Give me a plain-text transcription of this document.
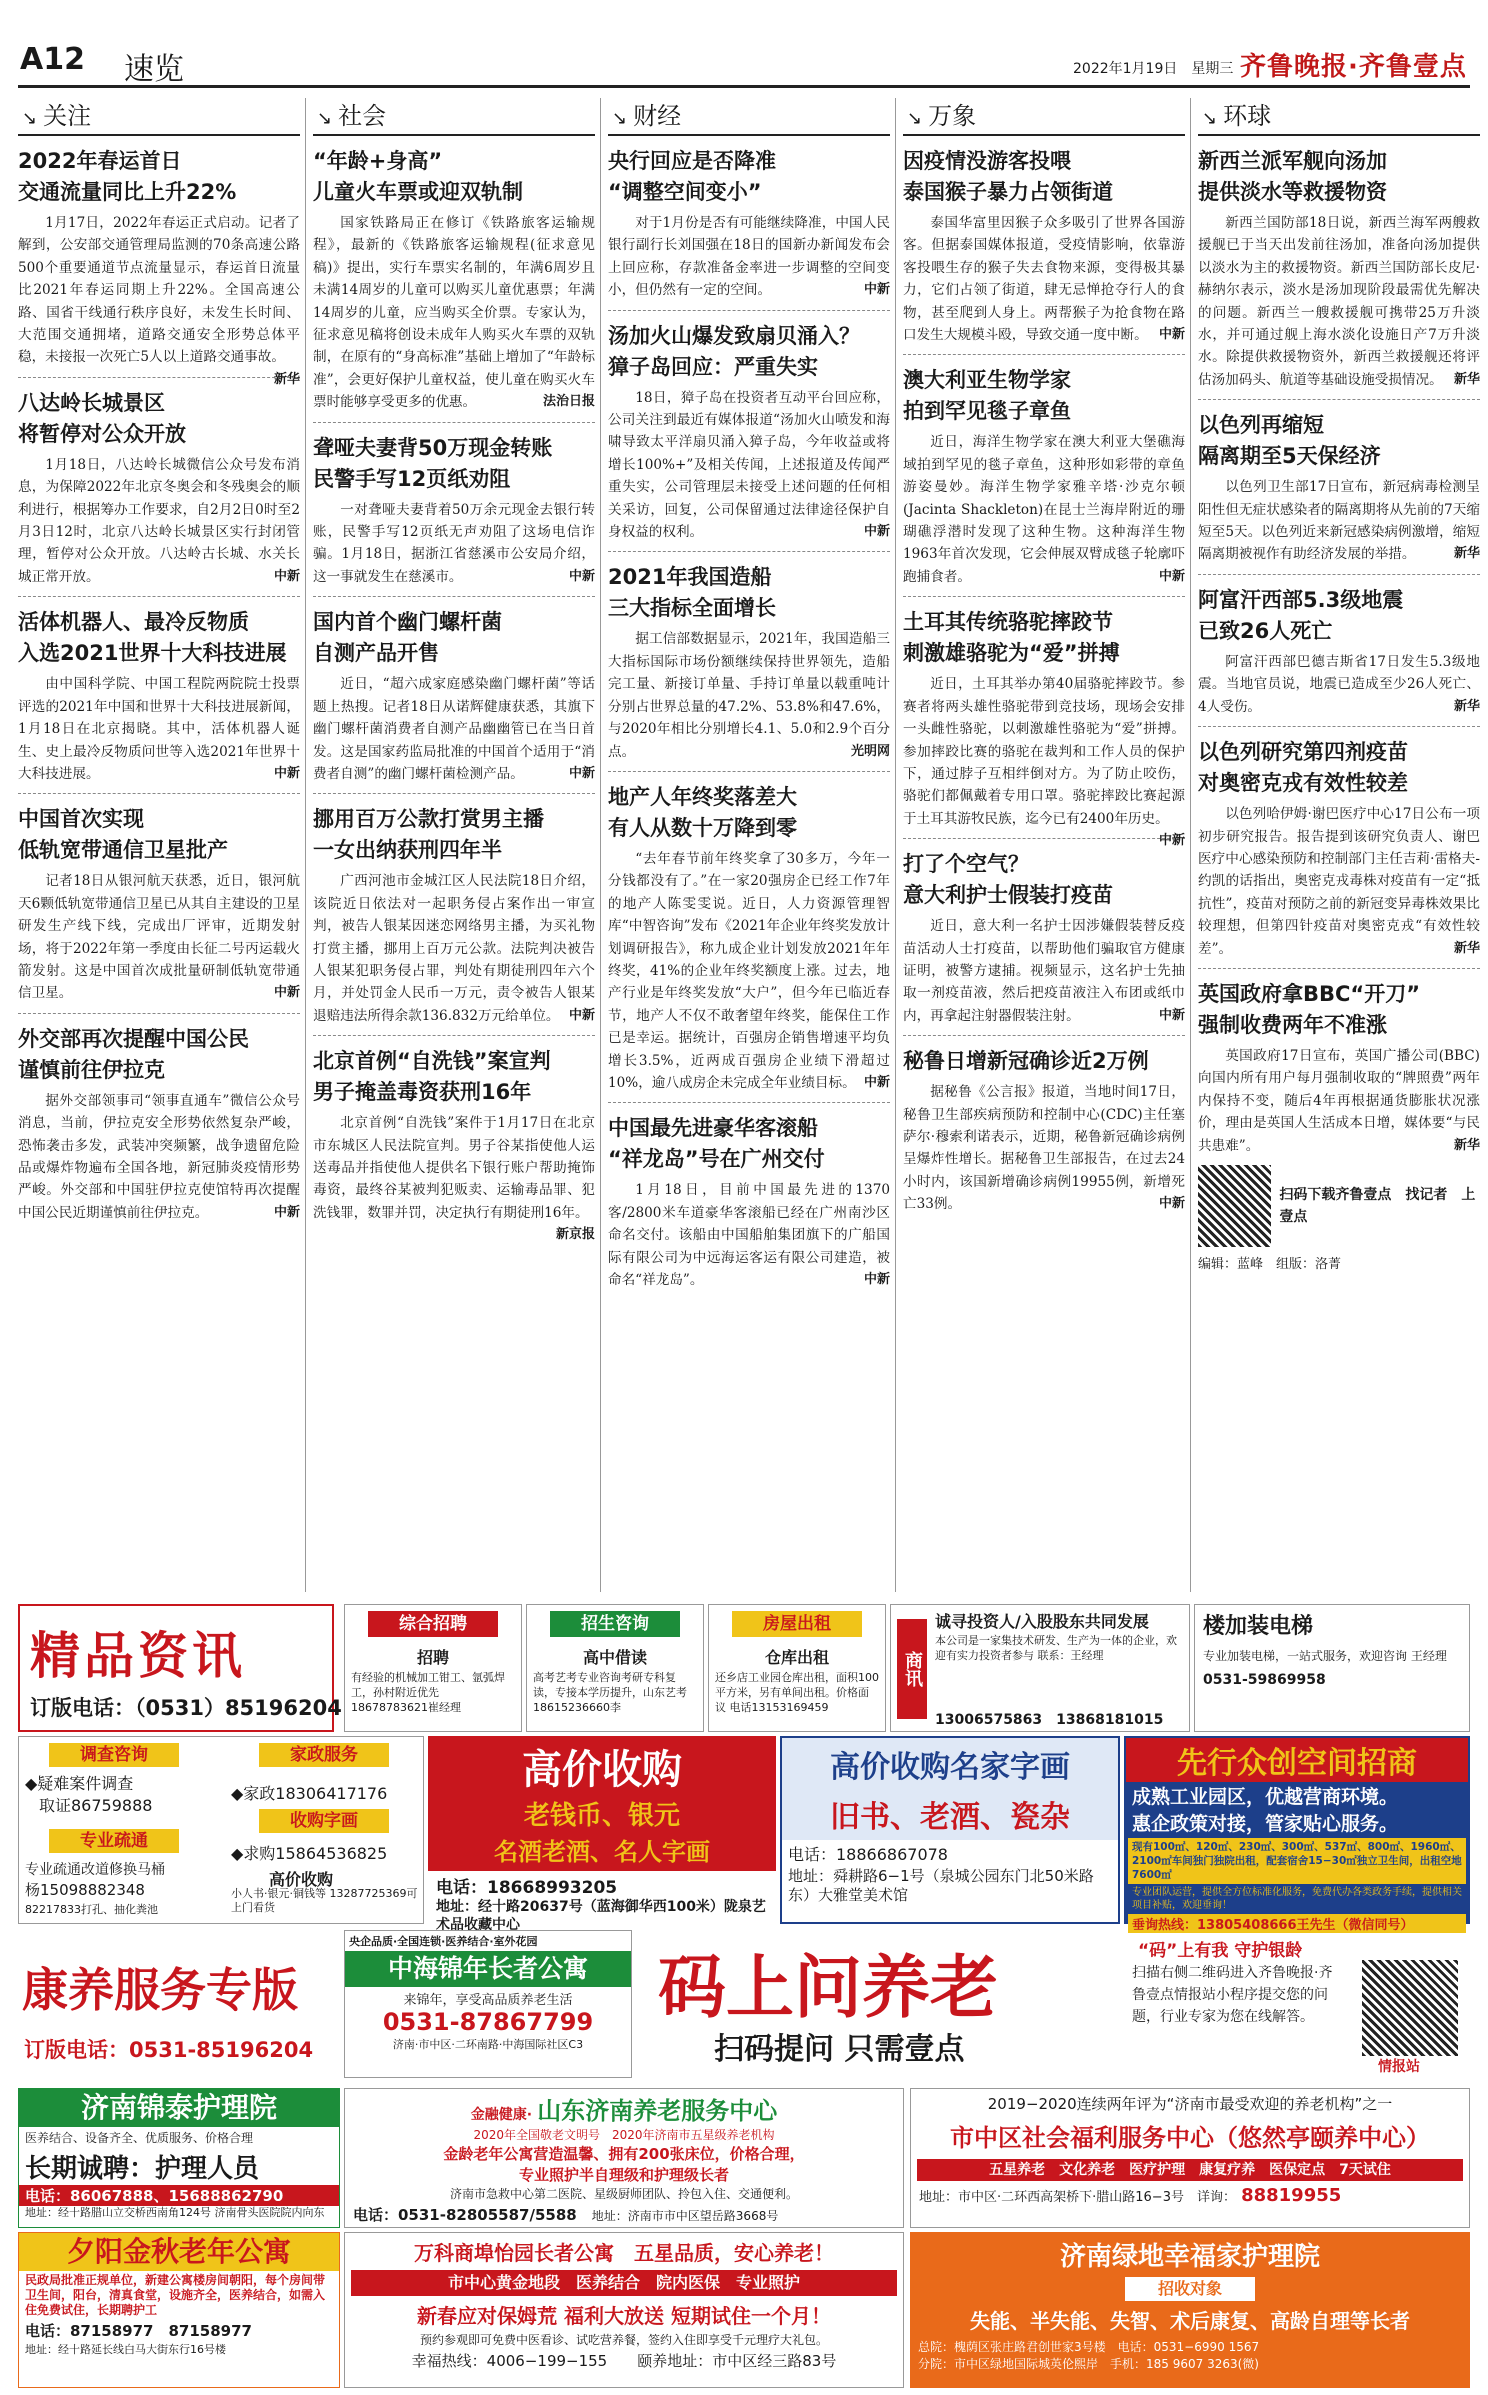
A12 速览	2022年1月19日　星期三 齐鲁晚报·齐鲁壹点
↘ 关注
2022年春运首日
交通流量同比上升22%
1月17日，2022年春运正式启动。记者了解到，公安部交通管理局监测的70条高速公路500个重要通道节点流量显示，春运首日流量比2021年春运同期上升22%。全国高速公路、国省干线通行秩序良好，未发生长时间、大范围交通拥堵，道路交通安全形势总体平稳，未接报一次死亡5人以上道路交通事故。
新华
八达岭长城景区
将暂停对公众开放
1月18日，八达岭长城微信公众号发布消息，为保障2022年北京冬奥会和冬残奥会的顺利进行，根据筹办工作要求，自2月2日0时至2月3日12时，北京八达岭长城景区实行封闭管理，暂停对公众开放。八达岭古长城、水关长城正常开放。	中新
活体机器人、最冷反物质
入选2021世界十大科技进展
由中国科学院、中国工程院两院院士投票评选的2021年中国和世界十大科技进展新闻，1月18日在北京揭晓。其中，活体机器人诞生、史上最冷反物质问世等入选2021年世界十大科技进展。	中新
中国首次实现
低轨宽带通信卫星批产
记者18日从银河航天获悉，近日，银河航天6颗低轨宽带通信卫星已从其自主建设的卫星研发生产线下线，完成出厂评审，近期发射场，将于2022年第一季度由长征二号丙运载火箭发射。这是中国首次成批量研制低轨宽带通信卫星。	中新
外交部再次提醒中国公民
谨慎前往伊拉克
据外交部领事司“领事直通车”微信公众号消息，当前，伊拉克安全形势依然复杂严峻，恐怖袭击多发，武装冲突频繁，战争遗留危险品或爆炸物遍布全国各地，新冠肺炎疫情形势严峻。外交部和中国驻伊拉克使馆特再次提醒中国公民近期谨慎前往伊拉克。	中新
↘ 社会
“年龄+身高”
儿童火车票或迎双轨制
国家铁路局正在修订《铁路旅客运输规程》，最新的《铁路旅客运输规程(征求意见稿)》提出，实行车票实名制的，年满6周岁且未满14周岁的儿童可以购买儿童优惠票；年满14周岁的儿童，应当购买全价票。专家认为，征求意见稿将创设未成年人购买火车票的双轨制，在原有的“身高标准”基础上增加了“年龄标准”，会更好保护儿童权益，使儿童在购买火车票时能够享受更多的优惠。	法治日报
聋哑夫妻背50万现金转账
民警手写12页纸劝阻
一对聋哑夫妻背着50万余元现金去银行转账，民警手写12页纸无声劝阻了这场电信诈骗。1月18日，据浙江省慈溪市公安局介绍，这一事就发生在慈溪市。	中新
国内首个幽门螺杆菌
自测产品开售
近日，“超六成家庭感染幽门螺杆菌”等话题上热搜。记者18日从诺辉健康获悉，其旗下幽门螺杆菌消费者自测产品幽幽管已在当日首发。这是国家药监局批准的中国首个适用于“消费者自测”的幽门螺杆菌检测产品。	中新
挪用百万公款打赏男主播
一女出纳获刑四年半
广西河池市金城江区人民法院18日介绍，该院近日依法对一起职务侵占案作出一审宣判，被告人银某因迷恋网络男主播，为买礼物打赏主播，挪用上百万元公款。法院判决被告人银某犯职务侵占罪，判处有期徒刑四年六个月，并处罚金人民币一万元，责令被告人银某退赔违法所得余款136.832万元给单位。 中新
北京首例“自洗钱”案宣判
男子掩盖毒资获刑16年
北京首例“自洗钱”案件于1月17日在北京市东城区人民法院宣判。男子谷某指使他人运送毒品并指使他人提供名下银行账户帮助掩饰毒资，最终谷某被判犯贩卖、运输毒品罪、犯洗钱罪，数罪并罚，决定执行有期徒刑16年。
新京报
↘ 财经
央行回应是否降准
“调整空间变小”
对于1月份是否有可能继续降准，中国人民银行副行长刘国强在18日的国新办新闻发布会上回应称，存款准备金率进一步调整的空间变小，但仍然有一定的空间。	中新
汤加火山爆发致扇贝涌入？
獐子岛回应：严重失实
18日，獐子岛在投资者互动平台回应称，公司关注到最近有媒体报道“汤加火山喷发和海啸导致太平洋扇贝涌入獐子岛，今年收益或将增长100%+”及相关传闻，上述报道及传闻严重失实，公司管理层未接受上述问题的任何相关采访，回复，公司保留通过法律途径保护自身权益的权利。	中新
2021年我国造船
三大指标全面增长
据工信部数据显示，2021年，我国造船三大指标国际市场份额继续保持世界领先，造船完工量、新接订单量、手持订单量以载重吨计分别占世界总量的47.2%、53.8%和47.6%，与2020年相比分别增长4.1、5.0和2.9个百分点。	光明网
地产人年终奖落差大
有人从数十万降到零
“去年春节前年终奖拿了30多万，今年一分钱都没有了。”在一家20强房企已经工作7年的地产人陈雯雯说。近日，人力资源管理智库“中智咨询”发布《2021年企业年终奖发放计划调研报告》，称九成企业计划发放2021年年终奖，41%的企业年终奖额度上涨。过去，地产行业是年终奖发放“大户”，但今年已临近春节，地产人不仅不敢奢望年终奖，能保住工作已是幸运。据统计，百强房企销售增速平均负增长3.5%，近两成百强房企业绩下滑超过10%，逾八成房企未完成全年业绩目标。 中新
中国最先进豪华客滚船
“祥龙岛”号在广州交付
1月18日，目前中国最先进的1370客/2800米车道豪华客滚船已经在广州南沙区命名交付。该船由中国船舶集团旗下的广船国际有限公司为中远海运客运有限公司建造，被命名“祥龙岛”。	中新
↘ 万象
因疫情没游客投喂
泰国猴子暴力占领街道
泰国华富里因猴子众多吸引了世界各国游客。但据泰国媒体报道，受疫情影响，依靠游客投喂生存的猴子失去食物来源，变得极其暴力，它们占领了街道，肆无忌惮抢夺行人的食物，甚至爬到人身上。两帮猴子为抢食物在路口发生大规模斗殴，导致交通一度中断。 中新
澳大利亚生物学家
拍到罕见毯子章鱼
近日，海洋生物学家在澳大利亚大堡礁海域拍到罕见的毯子章鱼，这种形如彩带的章鱼游姿曼妙。海洋生物学家雅辛塔·沙克尔顿(Jacinta Shackleton)在昆士兰海岸附近的珊瑚礁浮潜时发现了这种生物。这种海洋生物1963年首次发现，它会伸展双臂成毯子轮廓吓跑捕食者。	中新
土耳其传统骆驼摔跤节
刺激雄骆驼为“爱”拼搏
近日，土耳其举办第40届骆驼摔跤节。参赛者将两头雄性骆驼带到竞技场，现场会安排一头雌性骆驼，以刺激雄性骆驼为“爱”拼搏。参加摔跤比赛的骆驼在裁判和工作人员的保护下，通过脖子互相绊倒对方。为了防止咬伤，骆驼们都佩戴着专用口罩。骆驼摔跤比赛起源于土耳其游牧民族，迄今已有2400年历史。
中新
打了个空气？
意大利护士假装打疫苗
近日，意大利一名护士因涉嫌假装替反疫苗活动人士打疫苗，以帮助他们骗取官方健康证明，被警方逮捕。视频显示，这名护士先抽取一剂疫苗液，然后把疫苗液注入布团或纸巾内，再拿起注射器假装注射。	中新
秘鲁日增新冠确诊近2万例
据秘鲁《公言报》报道，当地时间17日，秘鲁卫生部疾病预防和控制中心(CDC)主任塞萨尔·穆索利诺表示，近期，秘鲁新冠确诊病例呈爆炸性增长。据秘鲁卫生部报告，在过去24小时内，该国新增确诊病例19955例，新增死亡33例。	中新
↘ 环球
新西兰派军舰向汤加
提供淡水等救援物资
新西兰国防部18日说，新西兰海军两艘救援舰已于当天出发前往汤加，准备向汤加提供以淡水为主的救援物资。新西兰国防部长皮尼·赫纳尔表示，淡水是汤加现阶段最需优先解决的问题。新西兰一艘救援舰可携带25万升淡水，并可通过舰上海水淡化设施日产7万升淡水。除提供救援物资外，新西兰救援舰还将评估汤加码头、航道等基础设施受损情况。 新华
以色列再缩短
隔离期至5天保经济
以色列卫生部17日宣布，新冠病毒检测呈阳性但无症状感染者的隔离期将从先前的7天缩短至5天。以色列近来新冠感染病例激增，缩短隔离期被视作有助经济发展的举措。	新华
阿富汗西部5.3级地震
已致26人死亡
阿富汗西部巴德吉斯省17日发生5.3级地震。当地官员说，地震已造成至少26人死亡、4人受伤。	新华
以色列研究第四剂疫苗
对奥密克戎有效性较差
以色列哈伊姆·谢巴医疗中心17日公布一项初步研究报告。报告提到该研究负责人、谢巴医疗中心感染预防和控制部门主任吉莉·雷格夫-约凯的话指出，奥密克戎毒株对疫苗有一定“抵抗性”，疫苗对预防之前的新冠变异毒株效果比较理想，但第四针疫苗对奥密克戎“有效性较差”。	新华
英国政府拿BBC“开刀”
强制收费两年不准涨
英国政府17日宣布，英国广播公司(BBC)向国内所有用户每月强制收取的“牌照费”两年内保持不变，随后4年再根据通货膨胀状况涨价，理由是英国人生活成本日增，媒体要“与民共患难”。	新华
扫码下载齐鲁壹点　找记者　上壹点
编辑：蓝峰　组版：洛菁
精品资讯
订版电话：（0531）85196204
综合招聘
招聘
有经验的机械加工钳工、氩弧焊工，孙村附近优先 18678783621崔经理
招生咨询
高中借读
高考艺考专业咨询考研专科复读，专接本学历提升，山东艺考 18615236660李
房屋出租
仓库出租
还乡店工业园仓库出租，面积100平方米，另有单间出租。价格面议 电话13153169459
商讯
诚寻投资人/入股股东共同发展
本公司是一家集技术研发、生产为一体的企业，欢迎有实力投资者参与 联系：王经理
13006575863　13868181015
楼加装电梯
专业加装电梯，一站式服务，欢迎咨询 王经理
0531-59869958
调查咨询
◆疑难案件调查
取证86759888
家政服务
◆家政18306417176
专业疏通
专业疏通改道修换马桶
杨15098882348
82217833打孔、抽化粪池
收购字画
◆求购15864536825
高价收购
小人书·银元·铜钱等 13287725369可上门看货
高价收购
老钱币、银元
名酒老酒、名人字画
电话：18668993205
地址：经十路20637号（蓝海御华西100米）陇泉艺术品收藏中心
高价收购名家字画
旧书、老酒、瓷杂
电话：18866867078
地址：舜耕路6−1号（泉城公园东门北50米路东）大雅堂美术馆
先行众创空间招商
成熟工业园区，优越营商环境。
惠企政策对接，管家贴心服务。
现有100㎡、120㎡、230㎡、300㎡、537㎡、800㎡、1960㎡、2100㎡车间独门独院出租，配套宿舍15−30㎡独立卫生间，出租空地7600㎡
专业团队运营，提供全方位标准化服务，免费代办各类政务手续，提供相关项目补贴，欢迎垂询！
垂询热线：13805408666王先生（微信同号）
康养服务专版
订版电话：0531-85196204
央企品质·全国连锁·医养结合·室外花园
中海锦年长者公寓
来锦年，享受高品质养老生活
0531-87867799
济南·市中区·二环南路·中海国际社区C3
码上问养老
扫码提问 只需壹点
“码”上有我 守护银龄
扫描右侧二维码进入齐鲁晚报·齐鲁壹点情报站小程序提交您的问题，行业专家为您在线解答。
情报站
济南锦泰护理院
医养结合、设备齐全、优质服务、价格合理
长期诚聘：护理人员
电话：86067888、15688862790
地址：经十路腊山立交桥西南角124号 济南骨头医院院内向东
金融健康· 山东济南养老服务中心
2020年全国敬老文明号　2020年济南市五星级养老机构
金龄老年公寓营造温馨、拥有200张床位，价格合理，
专业照护半自理级和护理级长者
济南市急救中心第二医院、星级厨师团队、拎包入住、交通便利。
电话：0531-82805587/5588 地址：济南市市中区望岳路3668号
2019−2020连续两年评为“济南市最受欢迎的养老机构”之一
市中区社会福利服务中心（悠然亭颐养中心）
五星养老　文化养老　医疗护理　康复疗养　医保定点　7天试住
地址：市中区·二环西高架桥下·腊山路16−3号　详询： 88819955
夕阳金秋老年公寓
民政局批准正规单位，新建公寓楼房间朝阳，每个房间带卫生间，阳台，清真食堂，设施齐全，医养结合，如需入住免费试住，长期聘护工
电话：87158977　87158977
地址：经十路延长线白马大街东行16号楼
万科商埠怡园长者公寓　五星品质，安心养老！
市中心黄金地段　医养结合　院内医保　专业照护
新春应对保姆荒 福利大放送 短期试住一个月！
预约参观即可免费中医看诊、试吃营养餐，签约入住即享受千元理疗大礼包。
幸福热线：4006−199−155　　颐养地址：市中区经三路83号
济南绿地幸福家护理院
招收对象
失能、半失能、失智、术后康复、高龄自理等长者
总院：槐荫区张庄路君创世家3号楼　电话：0531−6990 1567
分院：市中区绿地国际城英伦熙岸　手机：185 9607 3263(微)
